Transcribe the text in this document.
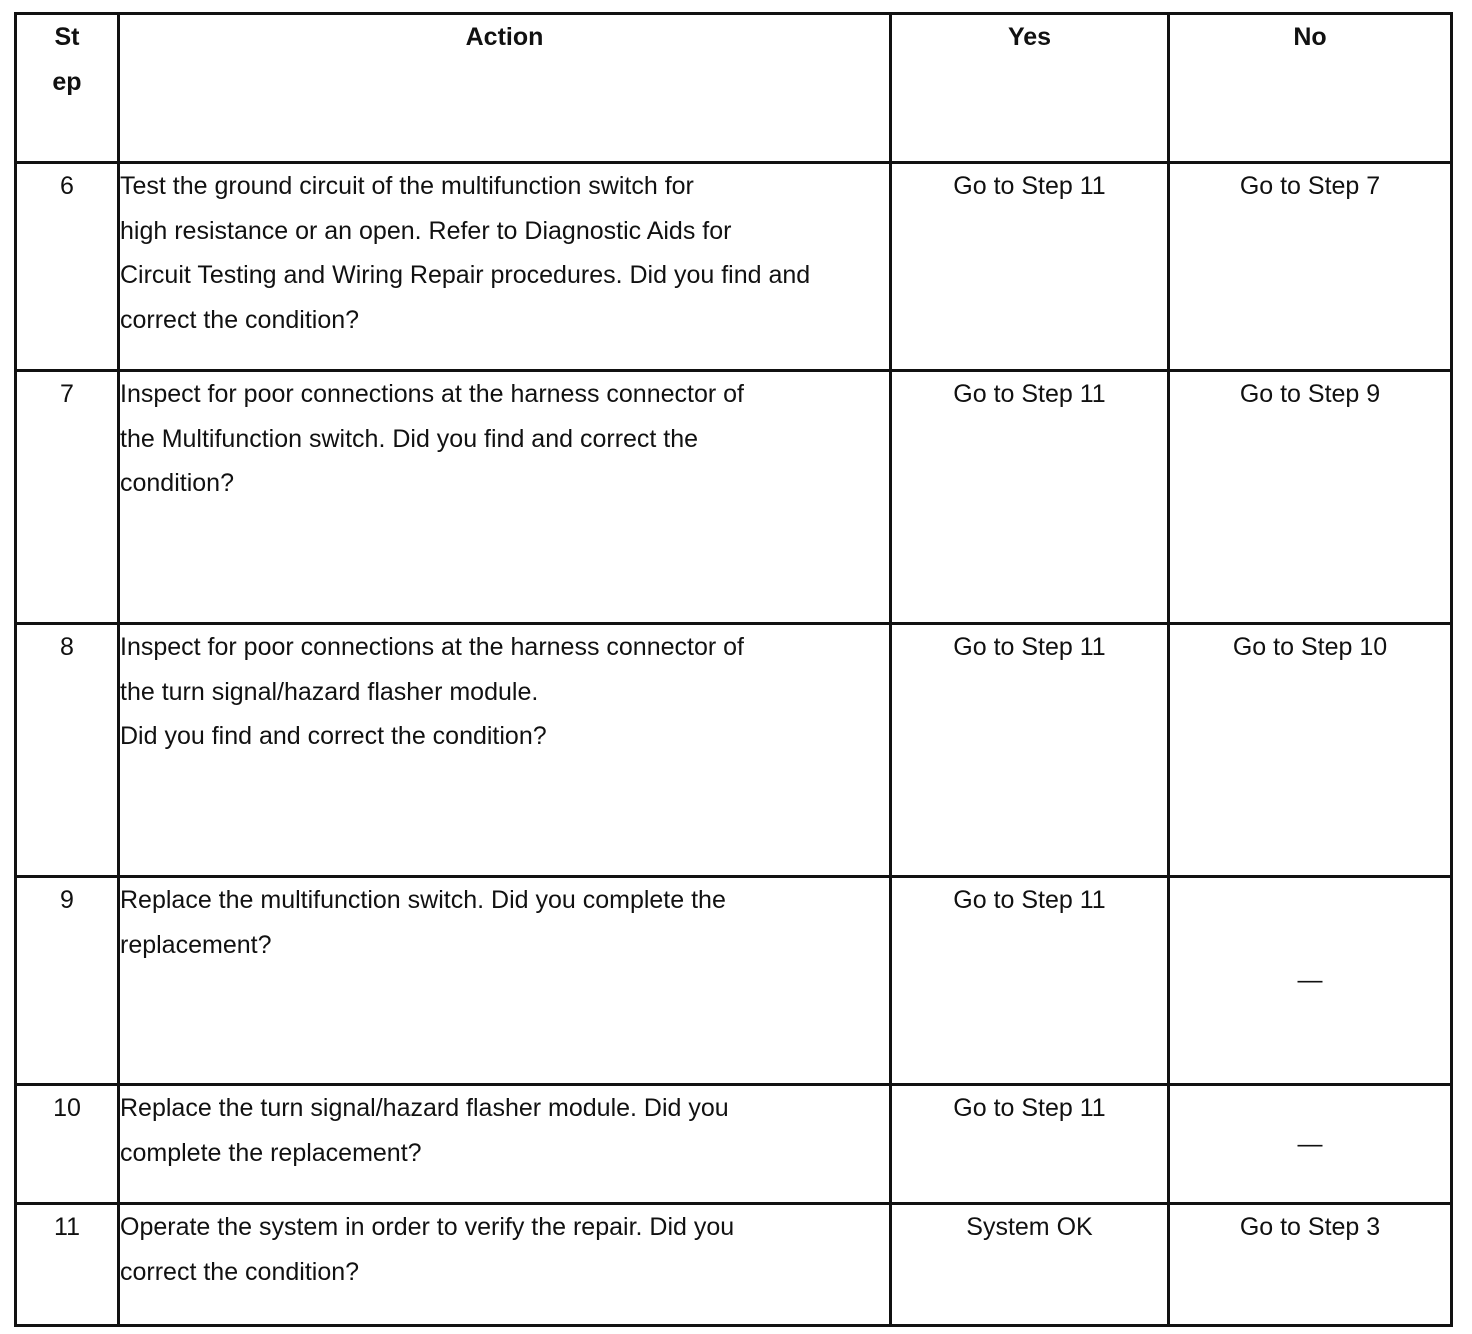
St
ep	Action	Yes	No
6	Test the ground circuit of the multifunction switch for
high resistance or an open. Refer to Diagnostic Aids for
Circuit Testing and Wiring Repair procedures. Did you find and
correct the condition?	Go to Step 11	Go to Step 7
7	Inspect for poor connections at the harness connector of
the Multifunction switch. Did you find and correct the
condition?	Go to Step 11	Go to Step 9
8	Inspect for poor connections at the harness connector of
the turn signal/hazard flasher module.
Did you find and correct the condition?	Go to Step 11	Go to Step 10
9	Replace the multifunction switch. Did you complete the
replacement?	Go to Step 11	—
10	Replace the turn signal/hazard flasher module. Did you
complete the replacement?	Go to Step 11	—
11	Operate the system in order to verify the repair. Did you
correct the condition?	System OK	Go to Step 3
